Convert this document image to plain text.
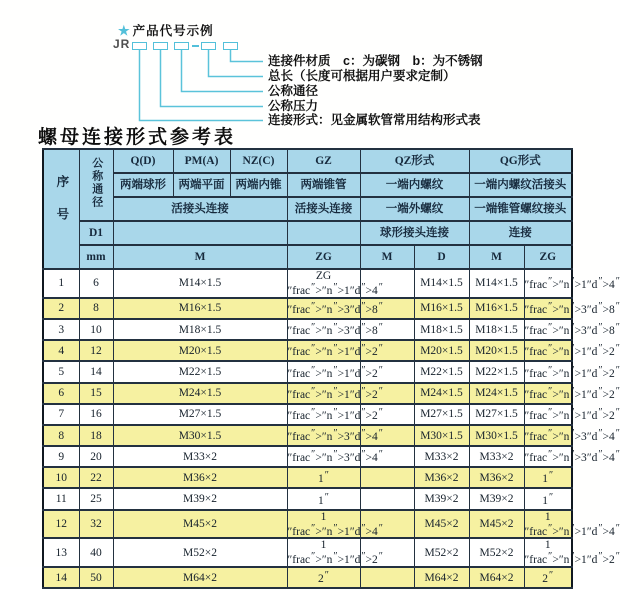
★ 产品代号示例
JR
连接件材质　c：为碳钢　b：为不锈钢
总长（长度可根据用户要求定制）
公称通径
公称压力
连接形式：见金属软管常用结构形式表
螺母连接形式参考表
序号	公称通径	Q(D)	PM(A)	NZ(C)	GZ	QZ形式		QG形式	
		两端球形	两端平面	两端内锥	两端锥管	一端内螺纹		一端内螺纹活接头	
		活接头连接			活接头连接	一端外螺纹		一端锥管螺纹接头	
	D1					球形接头连接		连接	
	mm	M			ZG	M	D	M	ZG
1	6	M14×1.5			ZG ″frac″>″n″>1″d″ ″		M14×1.5	M14×1.5	″frac″>″n″>1″d″>4″
2	8	M16×1.5			″frac″>″n″>3″d″ ″		M16×1.5	M16×1.5	″frac″>″n″>3″d″>8″
3	10	M18×1.5			″frac″>″n″>3″d″ ″		M18×1.5	M18×1.5	″frac″>″n″>3″d″>8″
4	12	M20×1.5			″frac″>″n″>1″d″ ″		M20×1.5	M20×1.5	″frac″>″n″>1″d″>2″
5	14	M22×1.5			″frac″>″n″>1″d″ ″		M22×1.5	M22×1.5	″frac″>″n″>1″d″>2″
6	15	M24×1.5			″frac″>″n″>1″d″ ″		M24×1.5	M24×1.5	″frac″>″n″>1″d″>2″
7	16	M27×1.5			″frac″>″n″>1″d″ ″		M27×1.5	M27×1.5	″frac″>″n″>1″d″>2″
8	18	M30×1.5			″frac″>″n″>3″d″ ″		M30×1.5	M30×1.5	″frac″>″n″>3″d″>4″
9	20	M33×2			″frac″>″n″>3″d″ ″		M33×2	M33×2	″frac″>″n″>3″d″>4″
10	22	M36×2			1″		M36×2	M36×2	1″
11	25	M39×2			1″		M39×2	M39×2	1″
12	32	M45×2			1 ″frac″>″n″>1″d″ ″		M45×2	M45×2	1 ″frac″>″n″>1″d″>4″
13	40	M52×2			1 ″frac″>″n″>1″d″ ″		M52×2	M52×2	1 ″frac″>″n″>1″d″>2″
14	50	M64×2			2″		M64×2	M64×2	2″
